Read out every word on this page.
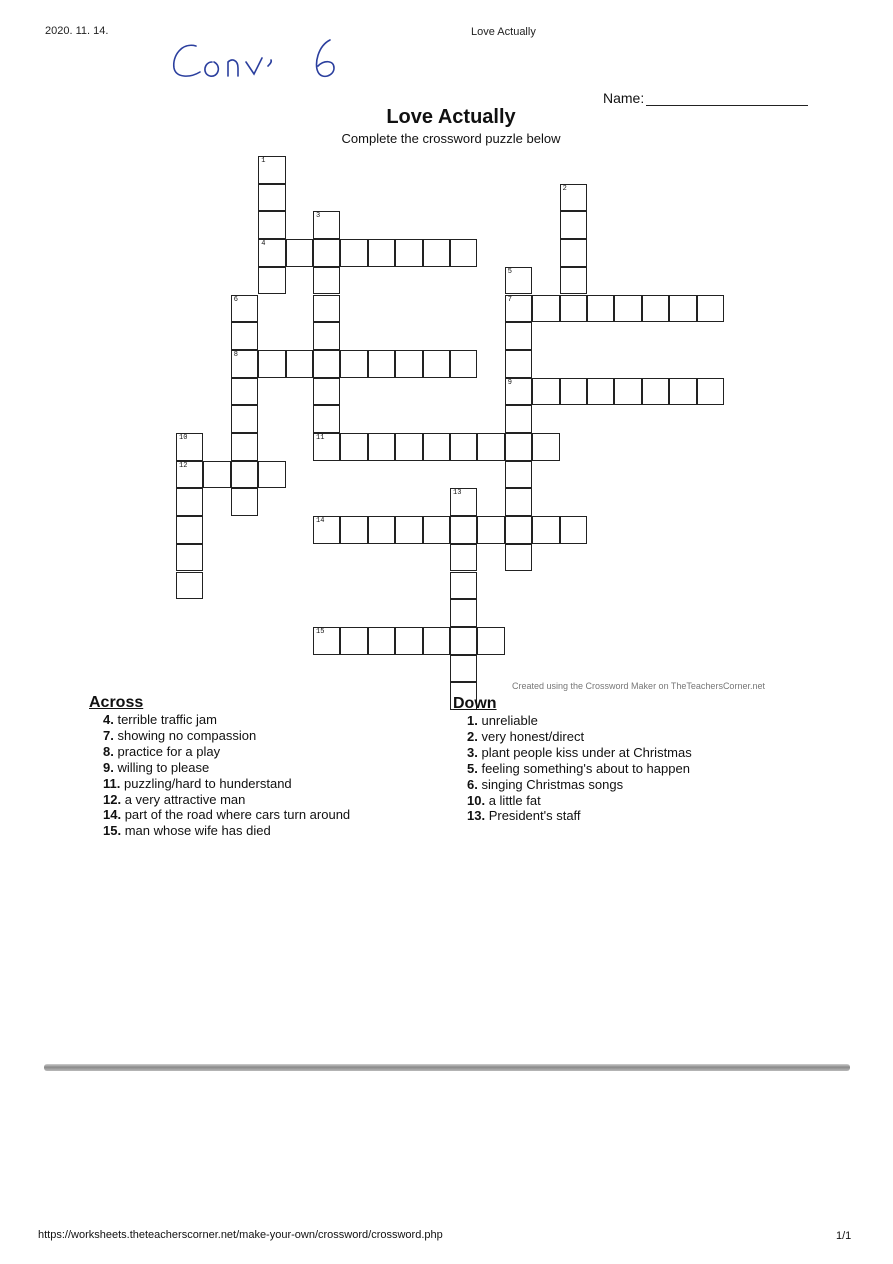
2020. 11. 14.	Love Actually
Name:
Love Actually
Complete the crossword puzzle below
4
7
8
9
11
12
14
15
1
2
3
5
6
10
13
Created using the Crossword Maker on TheTeachersCorner.net
Across
4. terrible traffic jam
7. showing no compassion
8. practice for a play
9. willing to please
11. puzzling/hard to hunderstand
12. a very attractive man
14. part of the road where cars turn around
15. man whose wife has died
Down
1. unreliable
2. very honest/direct
3. plant people kiss under at Christmas
5. feeling something's about to happen
6. singing Christmas songs
10. a little fat
13. President's staff
https://worksheets.theteacherscorner.net/make-your-own/crossword/crossword.php	1/1
